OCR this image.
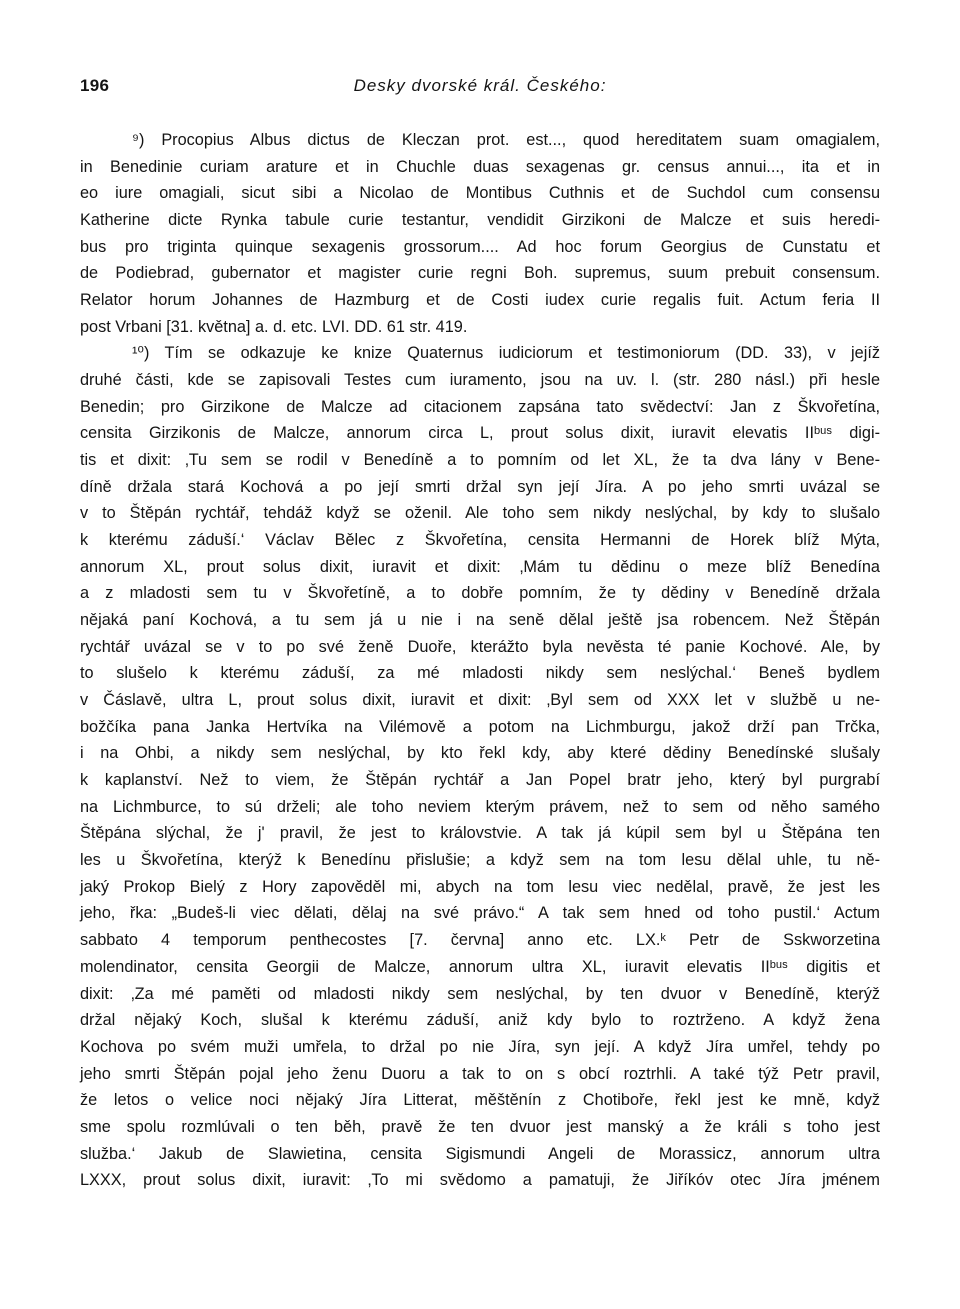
196	Desky dvorské král. Českého:
⁹) Procopius Albus dictus de Kleczan prot. est..., quod hereditatem suam omagialem,
in Benedinie curiam arature et in Chuchle duas sexagenas gr. census annui..., ita et in
eo iure omagiali, sicut sibi a Nicolao de Montibus Cuthnis et de Suchdol cum consensu
Katherine dicte Rynka tabule curie testantur, vendidit Girzikoni de Malcze et suis heredi-
bus pro triginta quinque sexagenis grossorum.... Ad hoc forum Georgius de Cunstatu et
de Podiebrad, gubernator et magister curie regni Boh. supremus, suum prebuit consensum.
Relator horum Johannes de Hazmburg et de Costi iudex curie regalis fuit. Actum feria II
post Vrbani [31. května] a. d. etc. LVI. DD. 61 str. 419.
¹⁰) Tím se odkazuje ke knize Quaternus iudiciorum et testimoniorum (DD. 33), v jejíž
druhé části, kde se zapisovali Testes cum iuramento, jsou na uv. l. (str. 280 násl.) při hesle
Benedin; pro Girzikone de Malcze ad citacionem zapsána tato svědectví: Jan z Škvořetína,
censita Girzikonis de Malcze, annorum circa L, prout solus dixit, iuravit elevatis IIᵇᵘˢ digi-
tis et dixit: ‚Tu sem se rodil v Benedíně a to pomním od let XL, že ta dva lány v Bene-
díně držala stará Kochová a po její smrti držal syn její Jíra. A po jeho smrti uvázal se
v to Štěpán rychtář, tehdáž když se oženil. Ale toho sem nikdy neslýchal, by kdy to slušalo
k kterému záduší.‘ Václav Bělec z Škvořetína, censita Hermanni de Horek blíž Mýta,
annorum XL, prout solus dixit, iuravit et dixit: ‚Mám tu dědinu o meze blíž Benedína
a z mladosti sem tu v Škvořetíně, a to dobře pomním, že ty dědiny v Benedíně držala
nějaká paní Kochová, a tu sem já u nie i na seně dělal ještě jsa robencem. Než Štěpán
rychtář uvázal se v to po své ženě Duoře, kterážto byla nevěsta té panie Kochové. Ale, by
to slušelo k kterému záduší, za mé mladosti nikdy sem neslýchal.‘ Beneš bydlem
v Čáslavě, ultra L, prout solus dixit, iuravit et dixit: ‚Byl sem od XXX let v službě u ne-
božčíka pana Janka Hertvíka na Vilémově a potom na Lichmburgu, jakož drží pan Trčka,
i na Ohbi, a nikdy sem neslýchal, by kto řekl kdy, aby které dědiny Benedínské slušaly
k kaplanství. Než to viem, že Štěpán rychtář a Jan Popel bratr jeho, který byl purgrabí
na Lichmburce, to sú drželi; ale toho neviem kterým právem, než to sem od něho samého
Štěpána slýchal, že j' pravil, že jest to královstvie. A tak já kúpil sem byl u Štěpána ten
les u Škvořetína, kterýž k Benedínu přislušie; a když sem na tom lesu dělal uhle, tu ně-
jaký Prokop Bielý z Hory zapověděl mi, abych na tom lesu viec nedělal, pravě, že jest les
jeho, řka: „Budeš-li viec dělati, dělaj na své právo.“ A tak sem hned od toho pustil.‘ Actum
sabbato 4 temporum penthecostes [7. června] anno etc. LX.ᵏ Petr de Sskworzetina
molendinator, censita Georgii de Malcze, annorum ultra XL, iuravit elevatis IIᵇᵘˢ digitis et
dixit: ‚Za mé paměti od mladosti nikdy sem neslýchal, by ten dvuor v Benedíně, kterýž
držal nějaký Koch, slušal k kterému záduší, aniž kdy bylo to roztrženo. A když žena
Kochova po svém muži umřela, to držal po nie Jíra, syn její. A když Jíra umřel, tehdy po
jeho smrti Štěpán pojal jeho ženu Duoru a tak to on s obcí roztrhli. A také týž Petr pravil,
že letos o velice noci nějaký Jíra Litterat, měštěnín z Chotiboře, řekl jest ke mně, když
sme spolu rozmlúvali o ten běh, pravě že ten dvuor jest manský a že králi s toho jest
služba.‘ Jakub de Slawietina, censita Sigismundi Angeli de Morassicz, annorum ultra
LXXX, prout solus dixit, iuravit: ‚To mi svědomo a pamatuji, že Jiříkóv otec Jíra jménem
